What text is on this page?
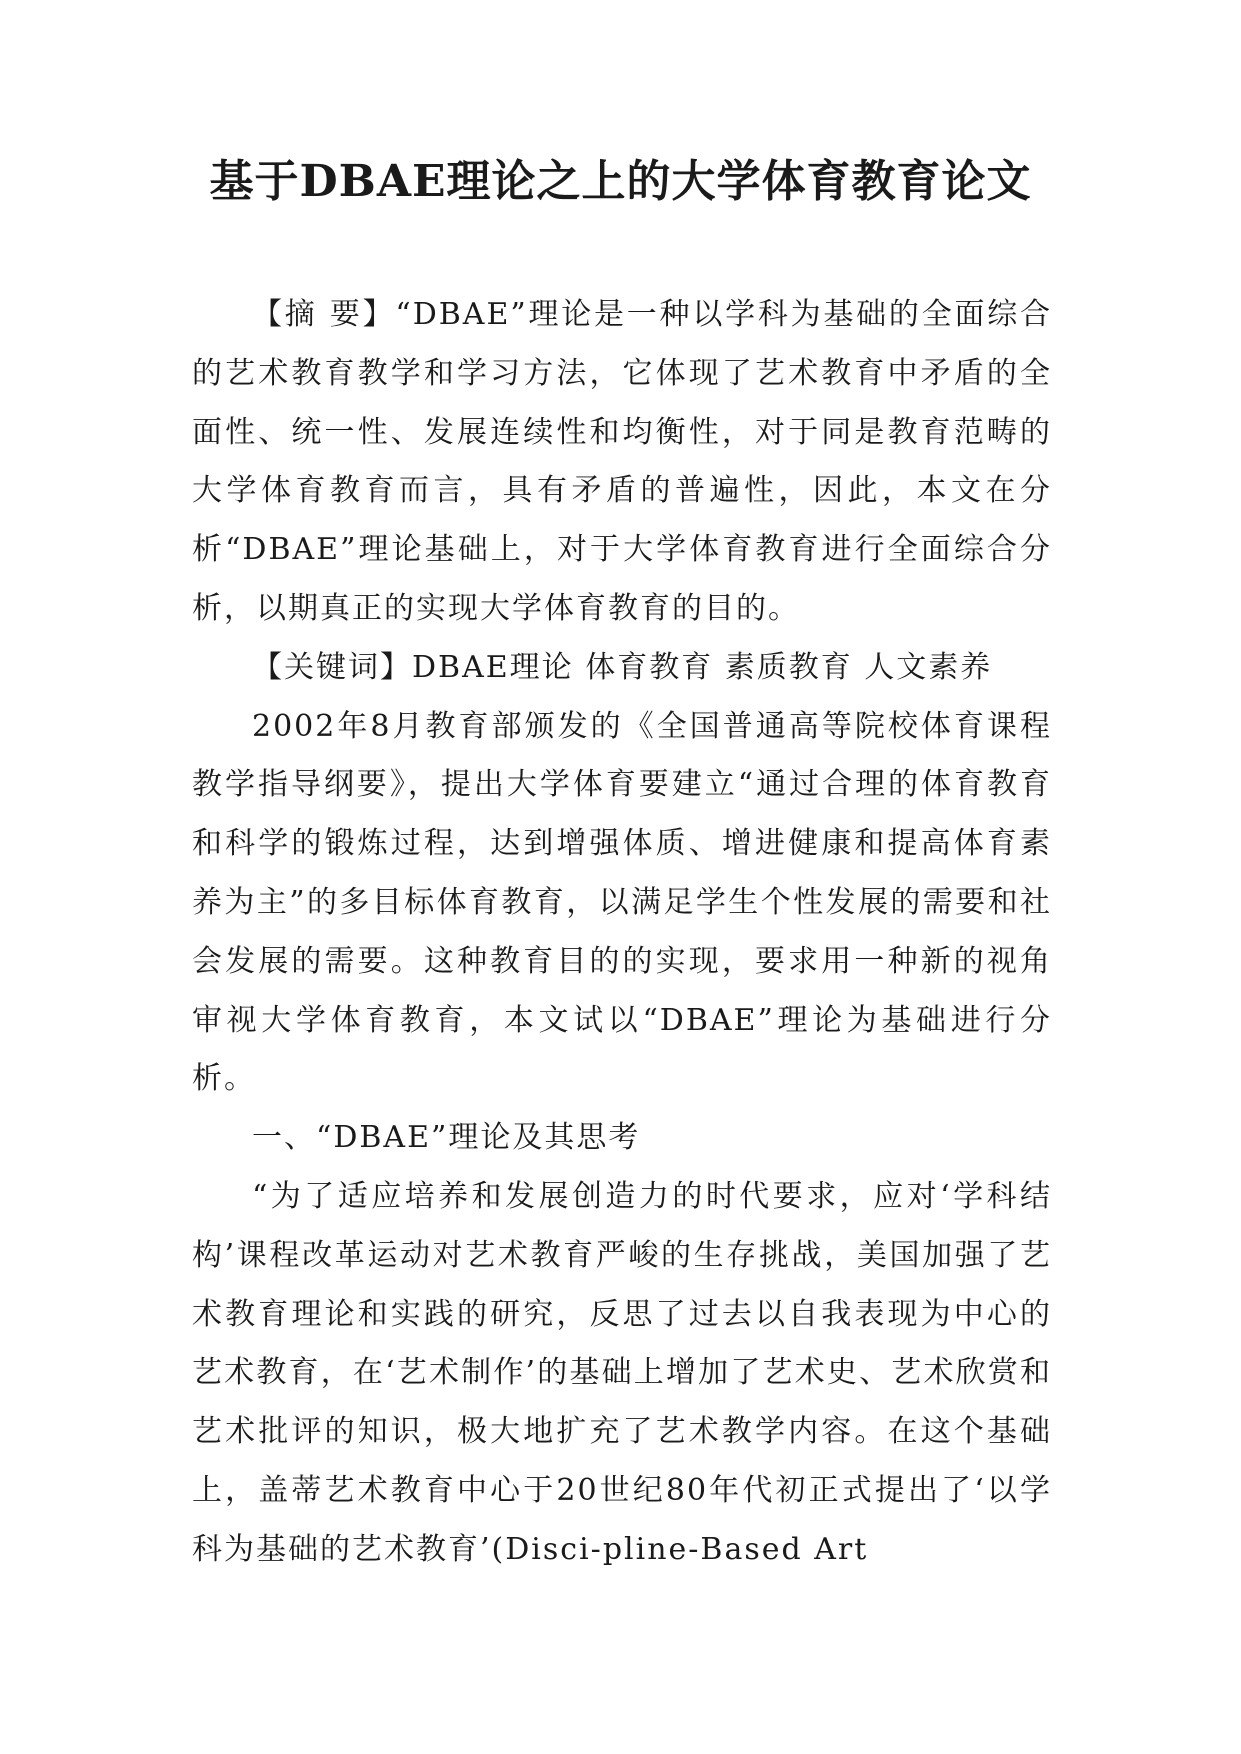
基于DBAE理论之上的大学体育教育论文

【摘 要】“DBAE”理论是一种以学科为基础的全面综合的艺术教育教学和学习方法，它体现了艺术教育中矛盾的全面性、统一性、发展连续性和均衡性，对于同是教育范畴的大学体育教育而言，具有矛盾的普遍性，因此，本文在分析“DBAE”理论基础上，对于大学体育教育进行全面综合分析，以期真正的实现大学体育教育的目的。

【关键词】DBAE理论 体育教育 素质教育 人文素养

2002年8月教育部颁发的《全国普通高等院校体育课程教学指导纲要》，提出大学体育要建立“通过合理的体育教育和科学的锻炼过程，达到增强体质、增进健康和提高体育素养为主”的多目标体育教育，以满足学生个性发展的需要和社会发展的需要。这种教育目的的实现，要求用一种新的视角审视大学体育教育，本文试以“DBAE”理论为基础进行分析。

一、“DBAE”理论及其思考

“为了适应培养和发展创造力的时代要求，应对‘学科结构’课程改革运动对艺术教育严峻的生存挑战，美国加强了艺术教育理论和实践的研究，反思了过去以自我表现为中心的艺术教育，在‘艺术制作’的基础上增加了艺术史、艺术欣赏和艺术批评的知识，极大地扩充了艺术教学内容。在这个基础上，盖蒂艺术教育中心于20世纪80年代初正式提出了‘以学科为基础的艺术教育’(Disci-pline-Based Art
